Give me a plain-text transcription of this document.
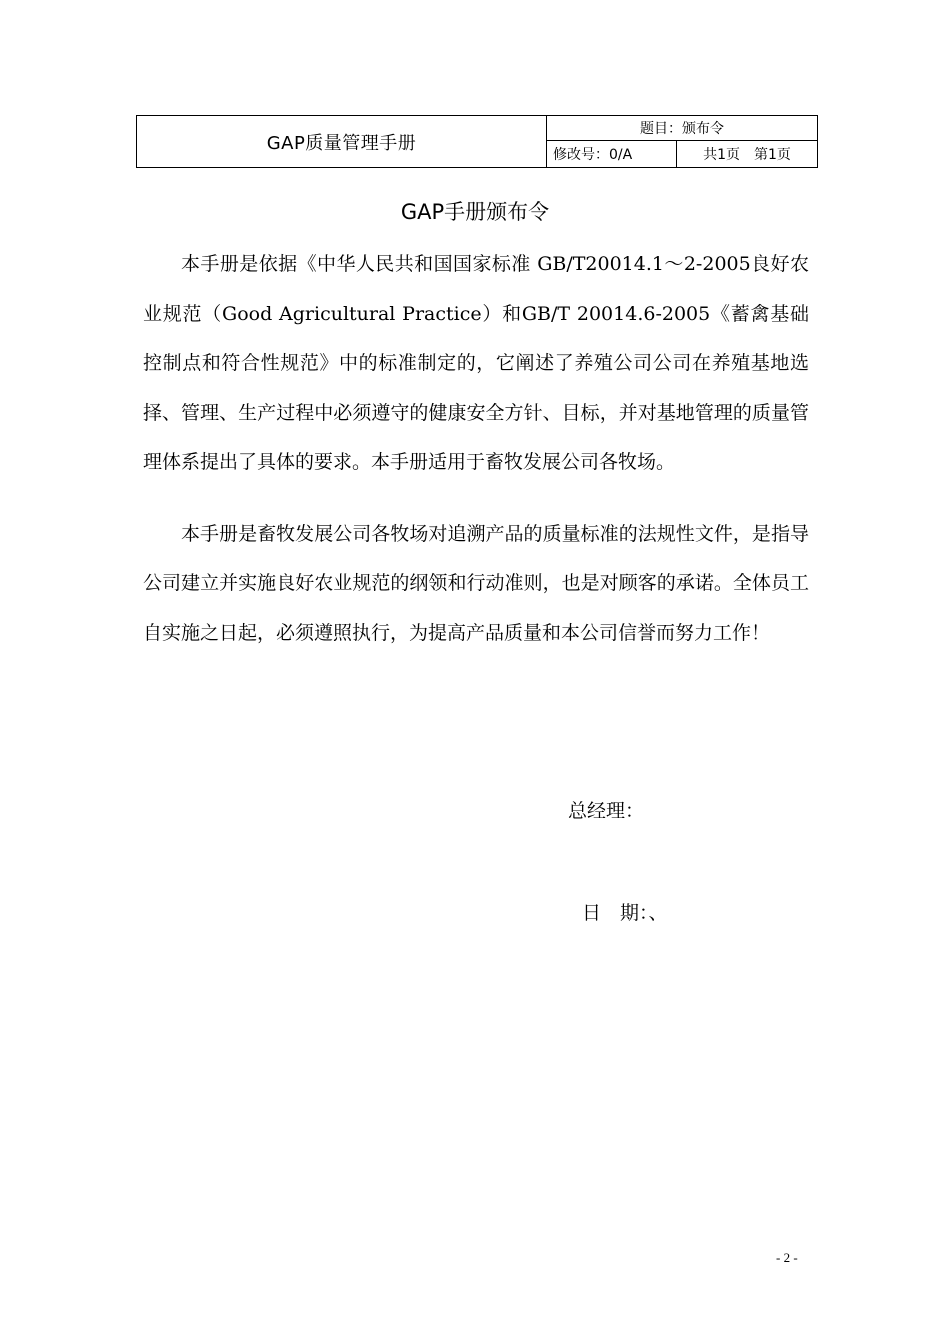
GAP质量管理手册	题目：颁布令	
	修改号：0/A	共1页　第1页
GAP手册颁布令

本手册是依据《中华人民共和国国家标准 GB/T20014.1～2-2005良好农业规范（Good Agricultural Practice）和GB/T 20014.6-2005《蓄禽基础控制点和符合性规范》中的标准制定的，它阐述了养殖公司公司在养殖基地选择、管理、生产过程中必须遵守的健康安全方针、目标，并对基地管理的质量管理体系提出了具体的要求。本手册适用于畜牧发展公司各牧场。

本手册是畜牧发展公司各牧场对追溯产品的质量标准的法规性文件，是指导公司建立并实施良好农业规范的纲领和行动准则，也是对顾客的承诺。全体员工自实施之日起，必须遵照执行，为提高产品质量和本公司信誉而努力工作！

总经理：
日　期：、
- 2 -
